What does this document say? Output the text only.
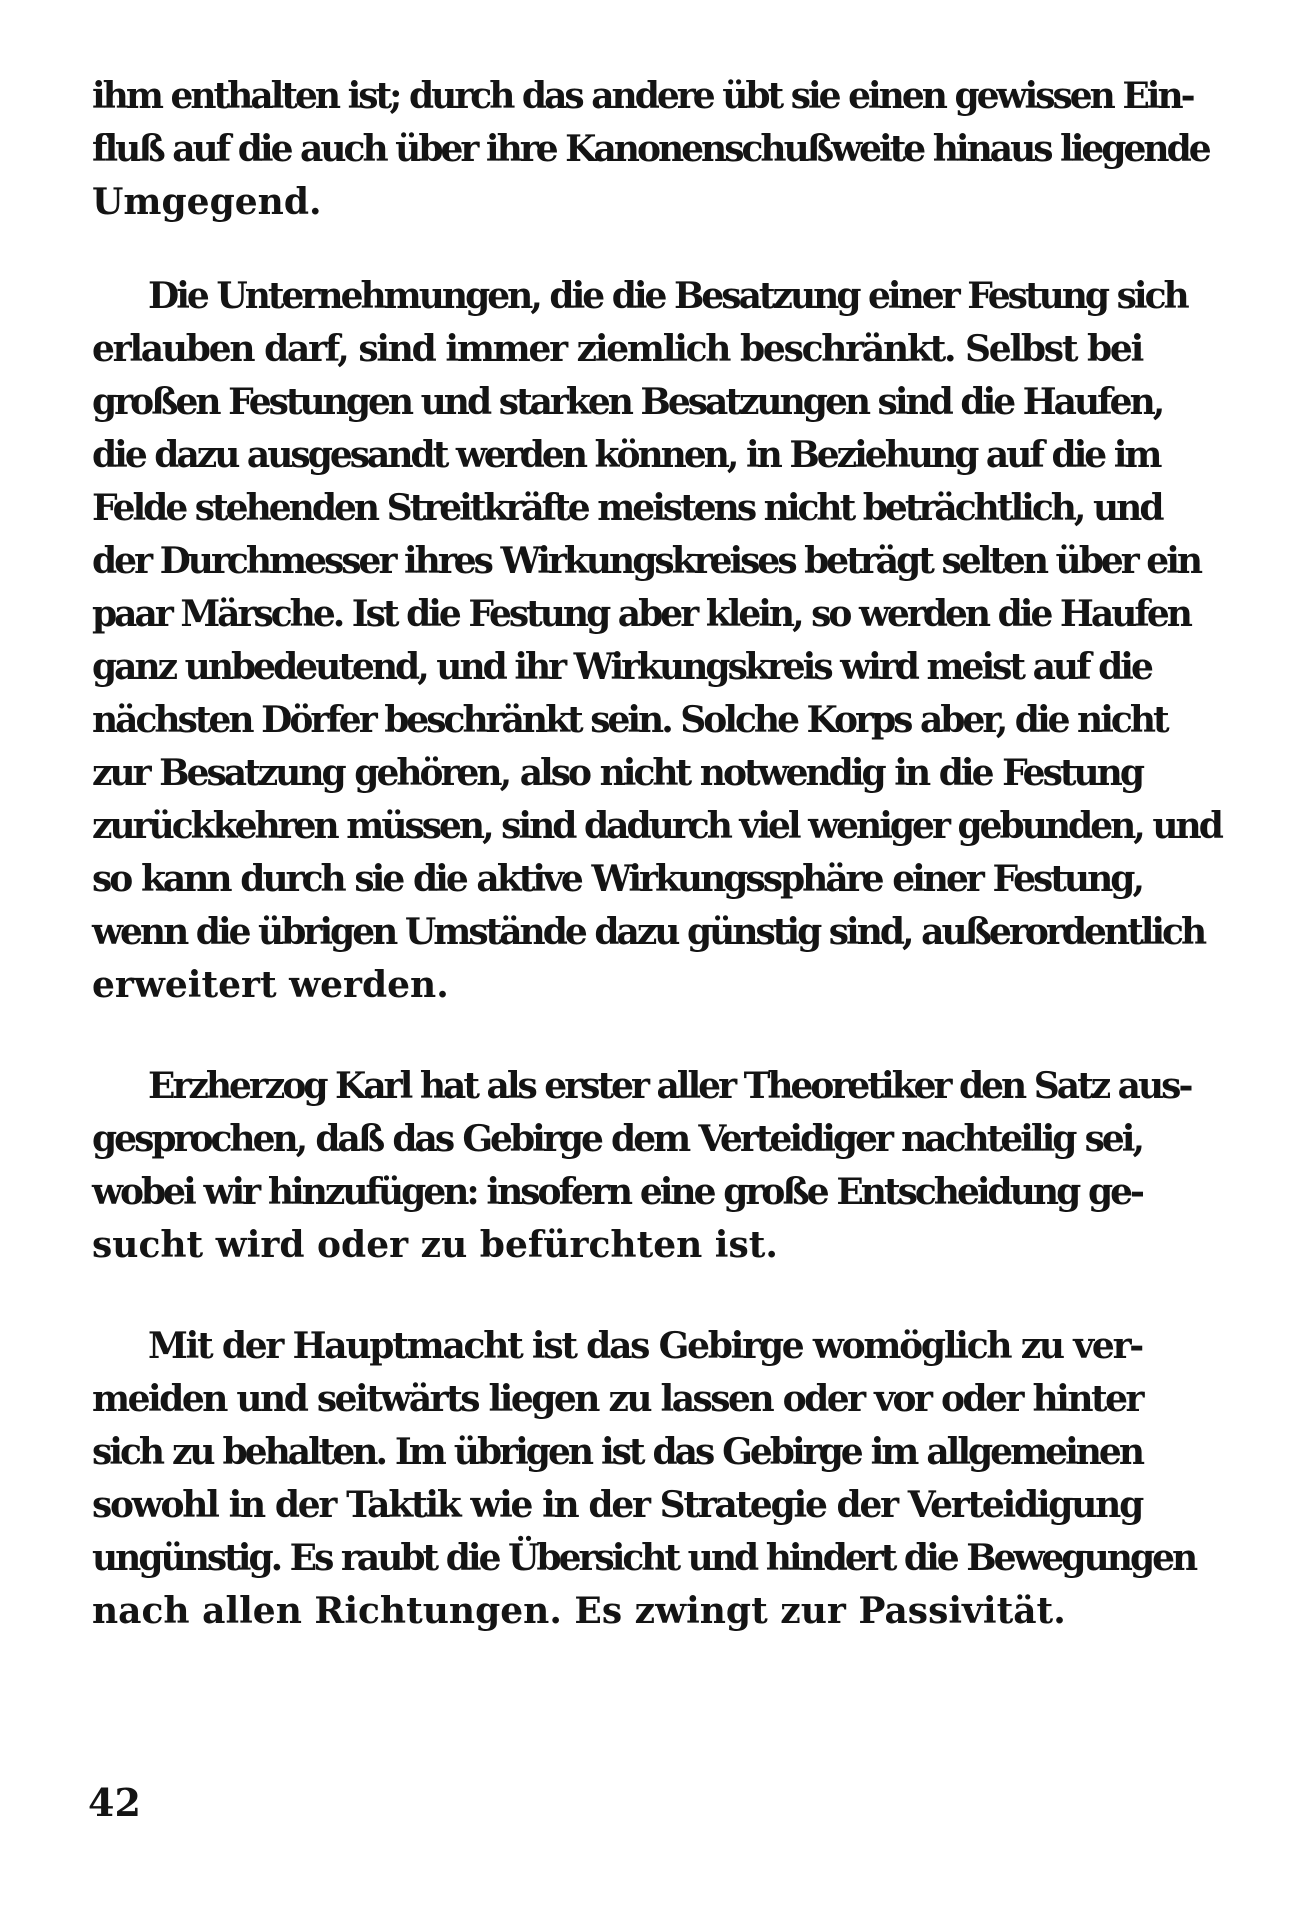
ihm enthalten ist; durch das andere übt sie einen gewissen Ein-
fluß auf die auch über ihre Kanonenschußweite hinaus liegende
Umgegend.
Die Unternehmungen, die die Besatzung einer Festung sich
erlauben darf, sind immer ziemlich beschränkt. Selbst bei
großen Festungen und starken Besatzungen sind die Haufen,
die dazu ausgesandt werden können, in Beziehung auf die im
Felde stehenden Streitkräfte meistens nicht beträchtlich, und
der Durchmesser ihres Wirkungskreises beträgt selten über ein
paar Märsche. Ist die Festung aber klein, so werden die Haufen
ganz unbedeutend, und ihr Wirkungskreis wird meist auf die
nächsten Dörfer beschränkt sein. Solche Korps aber, die nicht
zur Besatzung gehören, also nicht notwendig in die Festung
zurückkehren müssen, sind dadurch viel weniger gebunden, und
so kann durch sie die aktive Wirkungssphäre einer Festung,
wenn die übrigen Umstände dazu günstig sind, außerordentlich
erweitert werden.
Erzherzog Karl hat als erster aller Theoretiker den Satz aus-
gesprochen, daß das Gebirge dem Verteidiger nachteilig sei,
wobei wir hinzufügen: insofern eine große Entscheidung ge-
sucht wird oder zu befürchten ist.
Mit der Hauptmacht ist das Gebirge womöglich zu ver-
meiden und seitwärts liegen zu lassen oder vor oder hinter
sich zu behalten. Im übrigen ist das Gebirge im allgemeinen
sowohl in der Taktik wie in der Strategie der Verteidigung
ungünstig. Es raubt die Übersicht und hindert die Bewegungen
nach allen Richtungen. Es zwingt zur Passivität.
42
